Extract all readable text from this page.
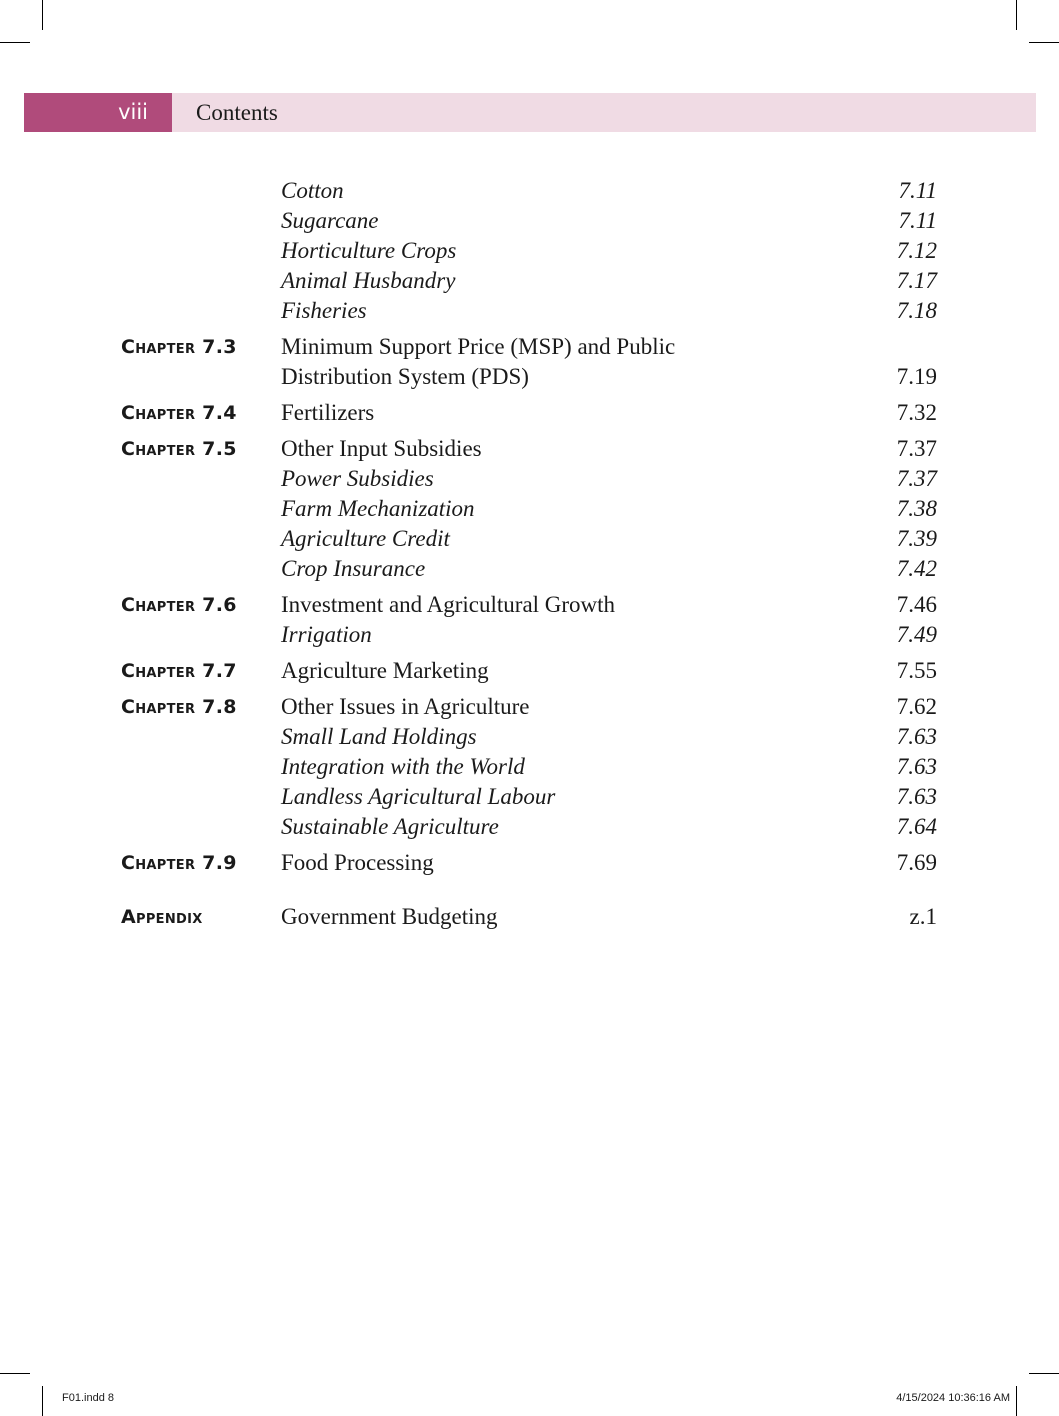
viii	Contents
Cotton	7.11
Sugarcane	7.11
Horticulture Crops	7.12
Animal Husbandry	7.17
Fisheries	7.18
Chapter 7.3 Minimum Support Price (MSP) and Public
Distribution System (PDS)	7.19
Chapter 7.4 Fertilizers	7.32
Chapter 7.5 Other Input Subsidies	7.37
Power Subsidies	7.37
Farm Mechanization	7.38
Agriculture Credit	7.39
Crop Insurance	7.42
Chapter 7.6 Investment and Agricultural Growth	7.46
Irrigation	7.49
Chapter 7.7 Agriculture Marketing	7.55
Chapter 7.8 Other Issues in Agriculture	7.62
Small Land Holdings	7.63
Integration with the World	7.63
Landless Agricultural Labour	7.63
Sustainable Agriculture	7.64
Chapter 7.9 Food Processing	7.69
Appendix	Government Budgeting	z.1
F01.indd 8	4/15/2024 10:36:16 AM
